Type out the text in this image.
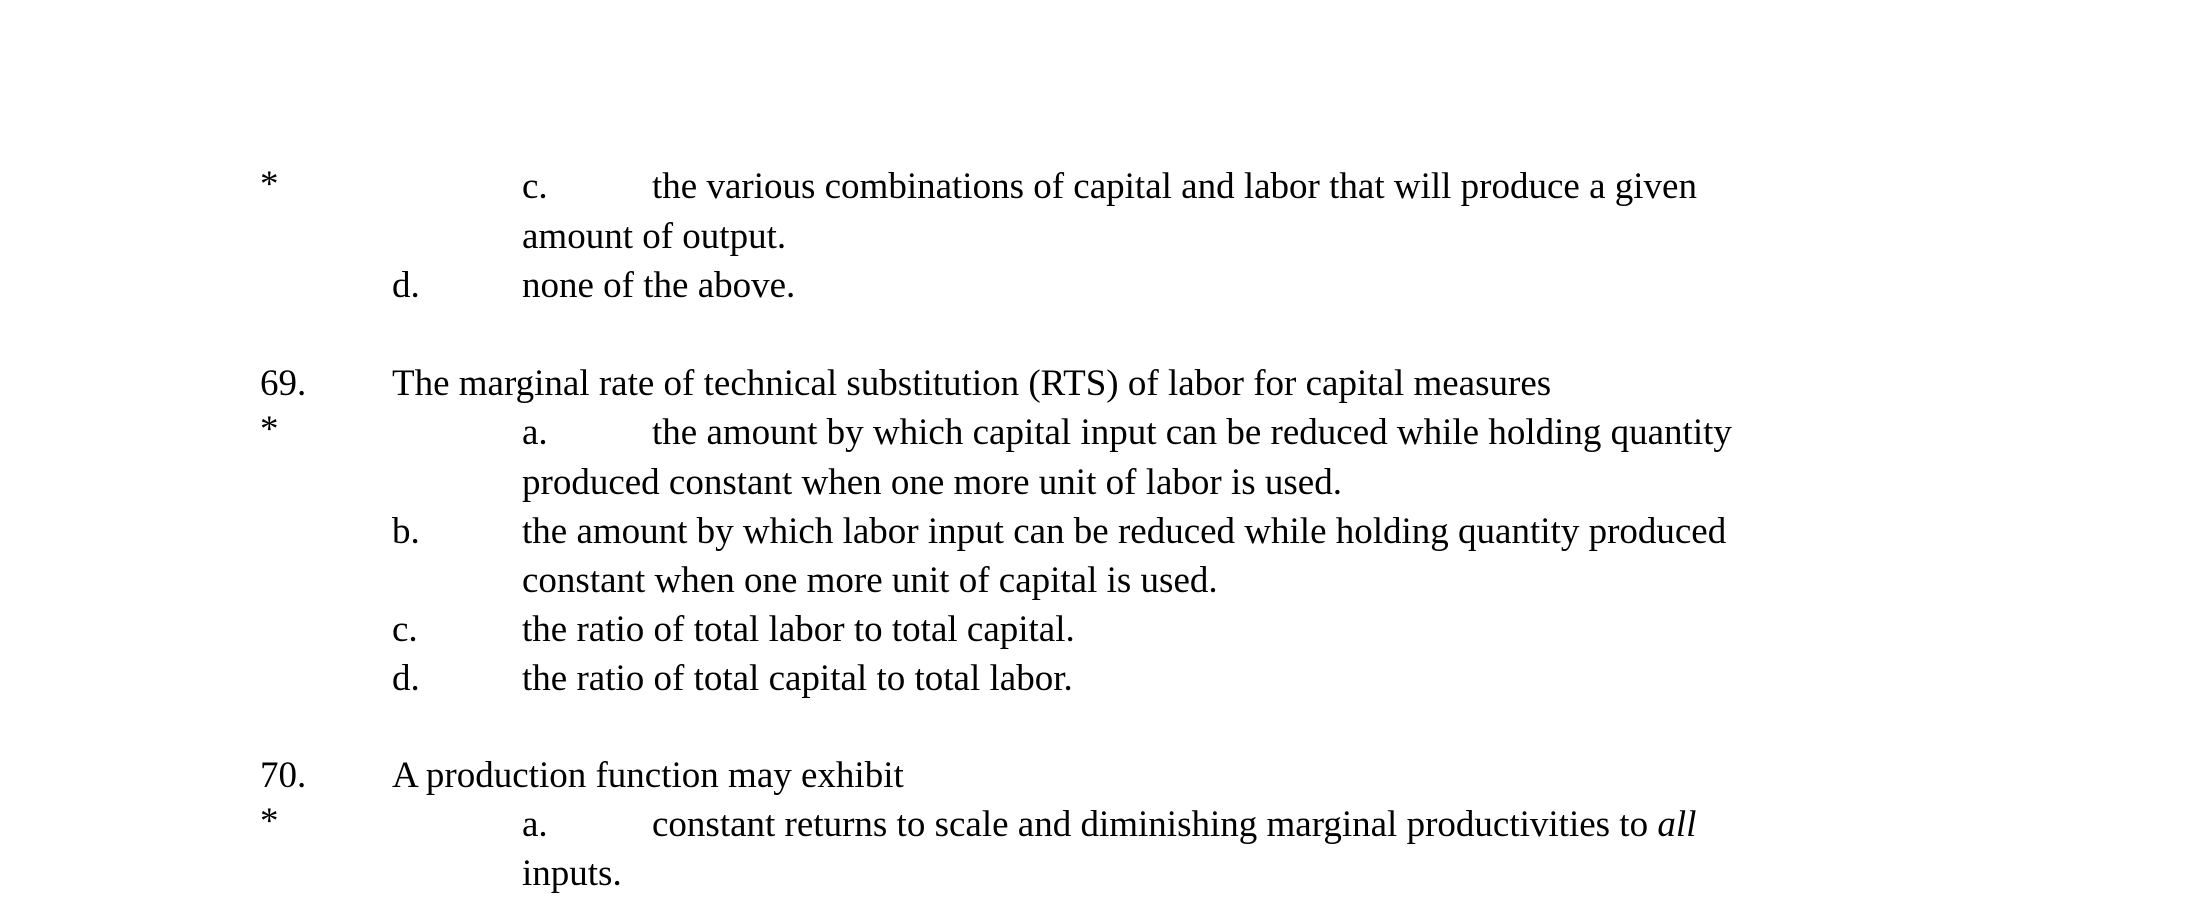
*	c.	the various combinations of capital and labor that will produce a given
amount of output.
d.	none of the above.
69. The marginal rate of technical substitution (RTS) of labor for capital measures
*	a.	the amount by which capital input can be reduced while holding quantity
produced constant when one more unit of labor is used.
b.	the amount by which labor input can be reduced while holding quantity produced
constant when one more unit of capital is used.
c.	the ratio of total labor to total capital.
d.	the ratio of total capital to total labor.
70. A production function may exhibit
*	a.	constant returns to scale and diminishing marginal productivities to all
inputs.
